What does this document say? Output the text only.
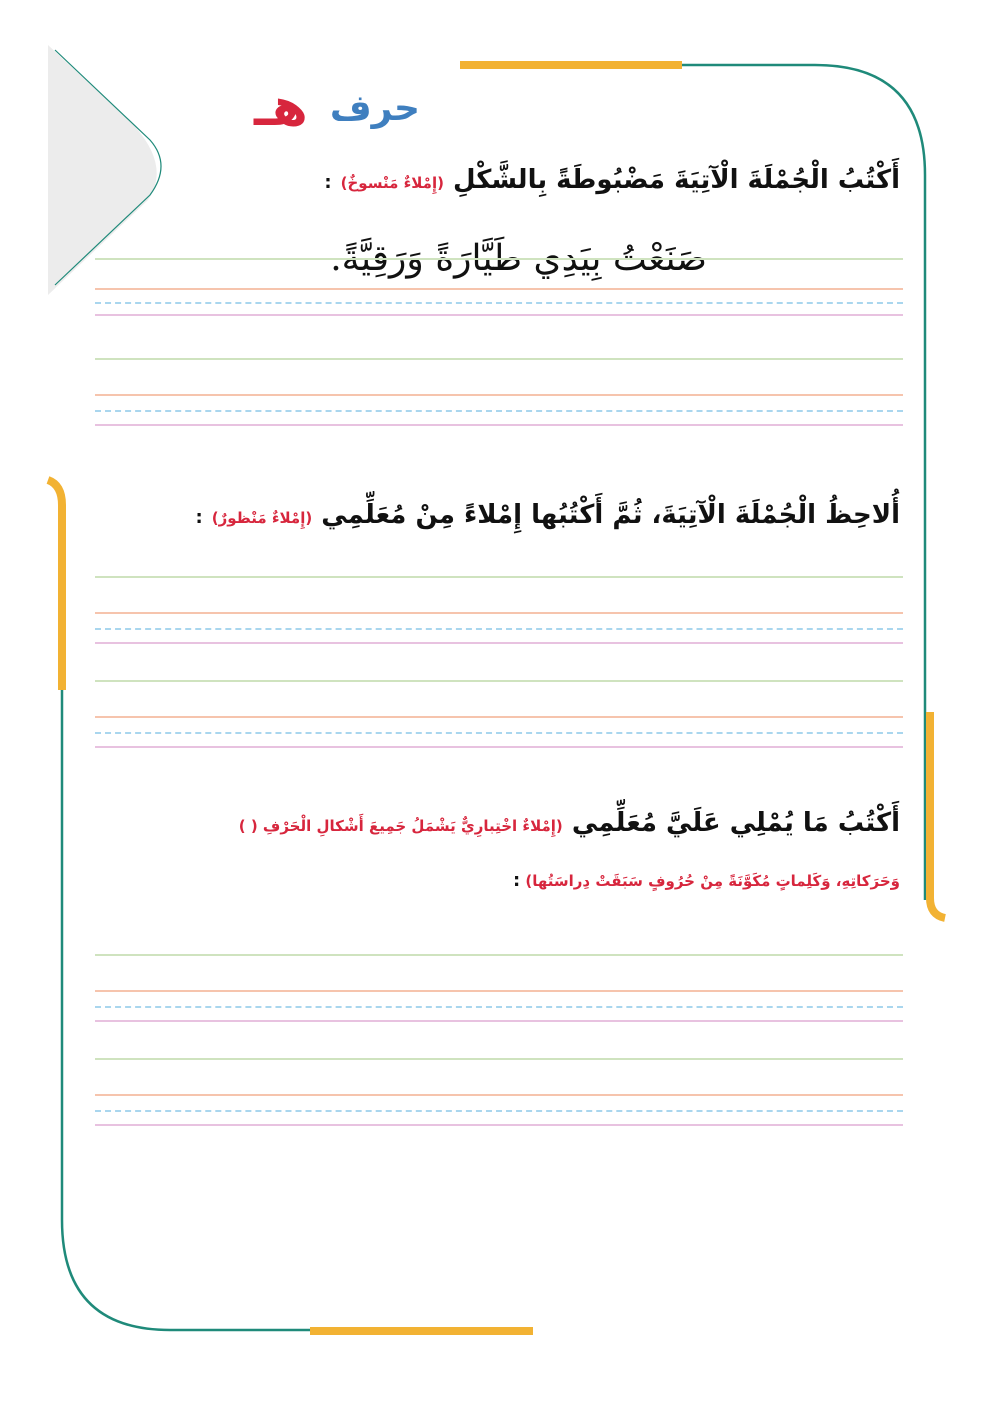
حرف
هـ
أَكْتُبُ الْجُمْلَةَ الْآتِيَةَ مَضْبُوطَةً بِالشَّكْلِ (إِمْلاءٌ مَنْسوخٌ) :
صَنَعْتُ بِيَدِي طَيَّارَةً وَرَقِيَّةً.
أُلاحِظُ الْجُمْلَةَ الْآتِيَةَ، ثُمَّ أَكْتُبُها إِمْلاءً مِنْ مُعَلِّمِي (إِمْلاءٌ مَنْظورٌ) :
أَكْتُبُ مَا يُمْلِي عَلَيَّ مُعَلِّمِي (إِمْلاءٌ اخْتِبارِيٌّ يَشْمَلُ جَمِيعَ أَشْكالِ الْحَرْفِ ( )
وَحَرَكاتِهِ، وَكَلِماتٍ مُكَوَّنَةً مِنْ حُرُوفٍ سَبَقَتْ دِراسَتُها) :
